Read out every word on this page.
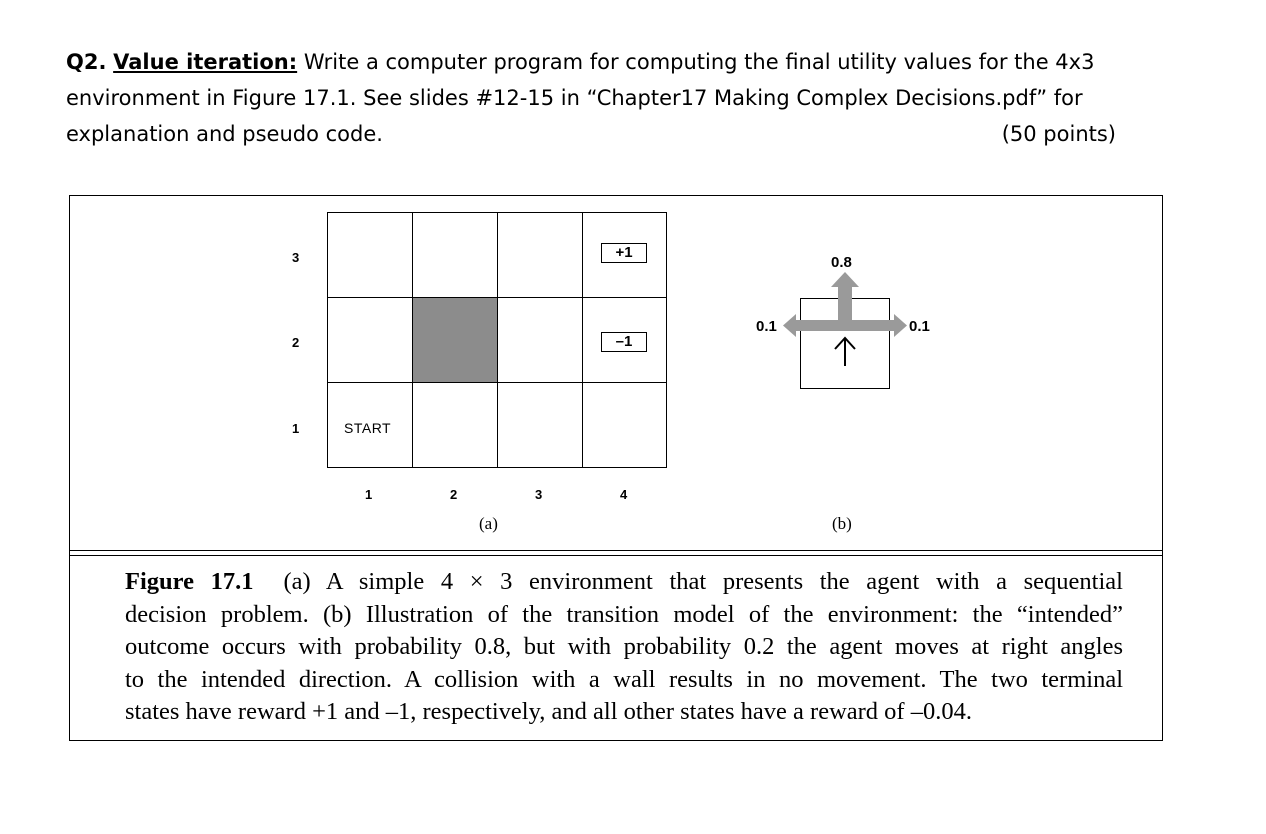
Q2. Value iteration: Write a computer program for computing the final utility values for the 4x3
environment in Figure 17.1. See slides #12-15 in “Chapter17 Making Complex Decisions.pdf” for
explanation and pseudo code.	(50 points)
+1
–1
START
3
2
1
1	2	3	4
(a)
0.8
0.1	0.1
(b)
Figure 17.1 (a) A simple 4 × 3 environment that presents the agent with a sequential
decision problem. (b) Illustration of the transition model of the environment: the “intended”
outcome occurs with probability 0.8, but with probability 0.2 the agent moves at right angles
to the intended direction. A collision with a wall results in no movement. The two terminal
states have reward +1 and –1, respectively, and all other states have a reward of –0.04.
